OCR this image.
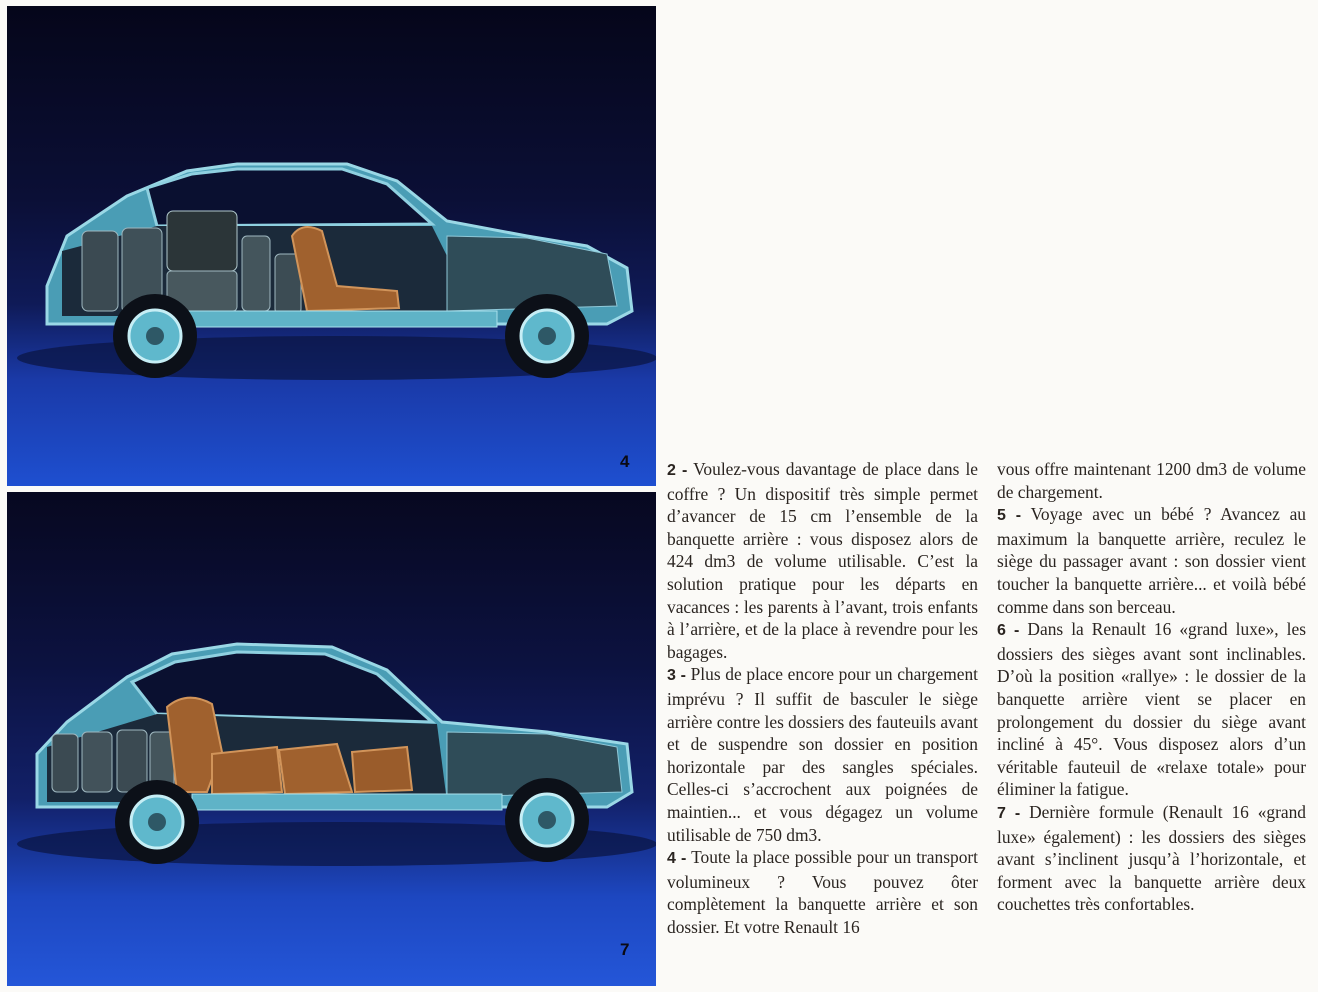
4
7

2 - Voulez-vous davantage de place dans le coffre ? Un dispositif très simple permet d’avancer de 15 cm l’ensemble de la banquette arrière : vous disposez alors de 424 dm3 de volume utilisable. C’est la solution pratique pour les départs en vacances : les parents à l’avant, trois enfants à l’arrière, et de la place à revendre pour les bagages.

3 - Plus de place encore pour un chargement imprévu ? Il suffit de basculer le siège arrière contre les dossiers des fauteuils avant et de suspendre son dossier en position horizontale par des sangles spéciales. Celles-ci s’accrochent aux poignées de maintien... et vous dégagez un volume utilisable de 750 dm3.

4 - Toute la place possible pour un transport volumineux ? Vous pouvez ôter complètement la banquette arrière et son dossier. Et votre Renault 16

vous offre maintenant 1200 dm3 de volume de chargement.

5 - Voyage avec un bébé ? Avancez au maximum la banquette arrière, reculez le siège du passager avant : son dossier vient toucher la banquette arrière... et voilà bébé comme dans son berceau.

6 - Dans la Renault 16 «grand luxe», les dossiers des sièges avant sont inclinables. D’où la position «rallye» : le dossier de la banquette arrière vient se placer en prolongement du dossier du siège avant incliné à 45°. Vous disposez alors d’un véritable fauteuil de «relaxe totale» pour éliminer la fatigue.

7 - Dernière formule (Renault 16 «grand luxe» également) : les dossiers des sièges avant s’inclinent jusqu’à l’horizontale, et forment avec la banquette arrière deux couchettes très confortables.
